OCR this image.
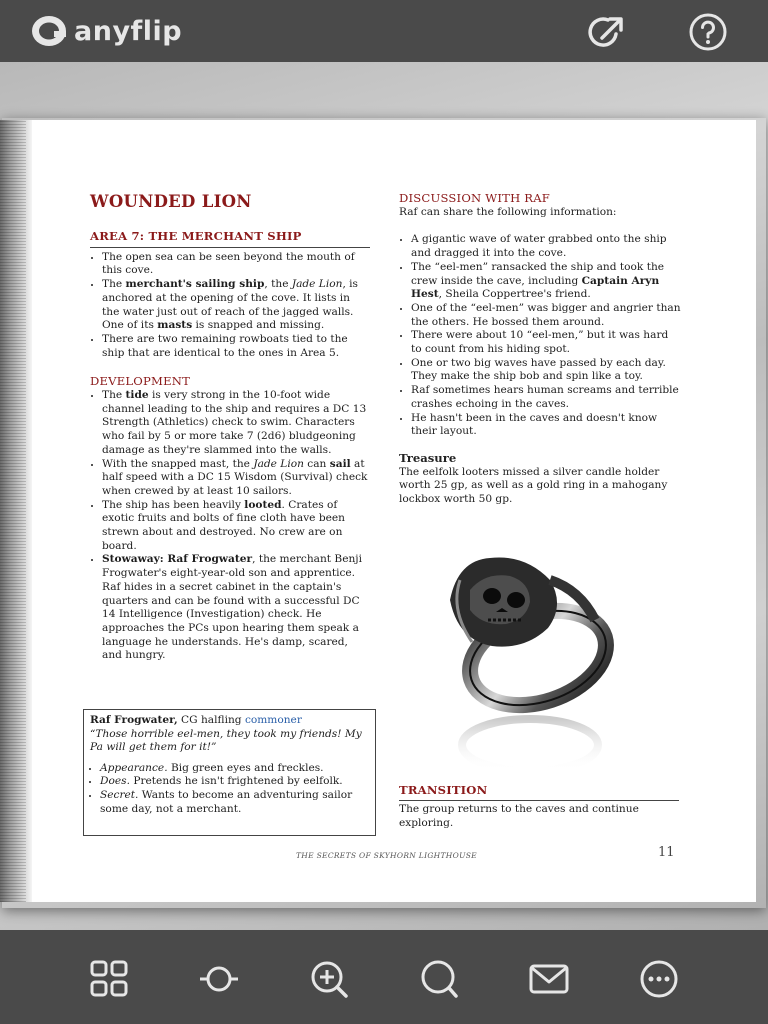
anyflip
WOUNDED LION
AREA 7: THE MERCHANT SHIP
• The open sea can be seen beyond the mouth of this cove.
• The merchant's sailing ship, the Jade Lion, is anchored at the opening of the cove. It lists in the water just out of reach of the jagged walls. One of its masts is snapped and missing.
• There are two remaining rowboats tied to the ship that are identical to the ones in Area 5.
DEVELOPMENT
• The tide is very strong in the 10-foot wide channel leading to the ship and requires a DC 13 Strength (Athletics) check to swim. Characters who fail by 5 or more take 7 (2d6) bludgeoning damage as they're slammed into the walls.
• With the snapped mast, the Jade Lion can sail at half speed with a DC 15 Wisdom (Survival) check when crewed by at least 10 sailors.
• The ship has been heavily looted. Crates of exotic fruits and bolts of fine cloth have been strewn about and destroyed. No crew are on board.
• Stowaway: Raf Frogwater, the merchant Benji Frogwater's eight-year-old son and apprentice. Raf hides in a secret cabinet in the captain's quarters and can be found with a successful DC 14 Intelligence (Investigation) check. He approaches the PCs upon hearing them speak a language he understands. He's damp, scared, and hungry.

Raf Frogwater, CG halfling commoner

“Those horrible eel-men, they took my friends! My Pa will get them for it!”

• Appearance. Big green eyes and freckles.
• Does. Pretends he isn't frightened by eelfolk.
• Secret. Wants to become an adventuring sailor some day, not a merchant.
DISCUSSION WITH RAF

Raf can share the following information:

• A gigantic wave of water grabbed onto the ship and dragged it into the cove.
• The “eel-men” ransacked the ship and took the crew inside the cave, including Captain Aryn Hest, Sheila Coppertree's friend.
• One of the “eel-men” was bigger and angrier than the others. He bossed them around.
• There were about 10 “eel-men,” but it was hard to count from his hiding spot.
• One or two big waves have passed by each day. They make the ship bob and spin like a toy.
• Raf sometimes hears human screams and terrible crashes echoing in the caves.
• He hasn't been in the caves and doesn't know their layout.
Treasure

The eelfolk looters missed a silver candle holder worth 25 gp, as well as a gold ring in a mahogany lockbox worth 50 gp.

TRANSITION

The group returns to the caves and continue exploring.

THE SECRETS OF SKYHORN LIGHTHOUSE	11
